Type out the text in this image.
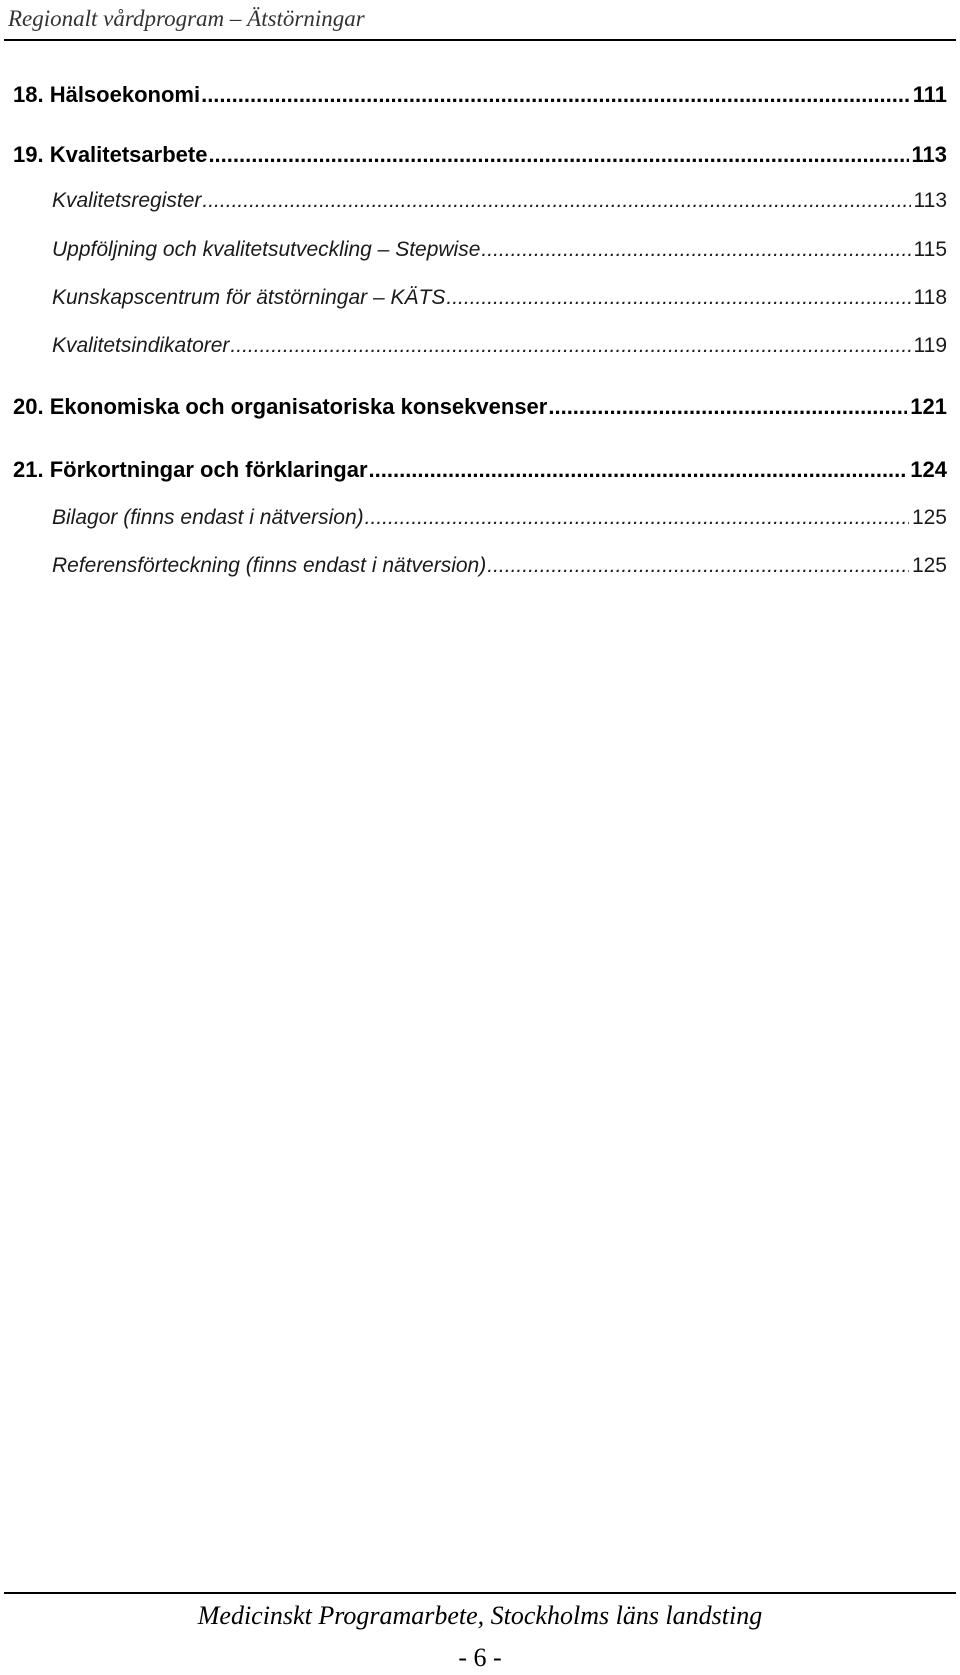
Regionalt vårdprogram – Ätstörningar
18. Hälsoekonomi .....	111
19. Kvalitetsarbete .....	113
Kvalitetsregister .....	113
Uppföljning och kvalitetsutveckling – Stepwise .....	115
Kunskapscentrum för ätstörningar – KÄTS .....	118
Kvalitetsindikatorer .....	119
20. Ekonomiska och organisatoriska konsekvenser .....	121
21. Förkortningar och förklaringar .....	124
Bilagor (finns endast i nätversion) .....	125
Referensförteckning (finns endast i nätversion) .....	125
Medicinskt Programarbete, Stockholms läns landsting
- 6 -
